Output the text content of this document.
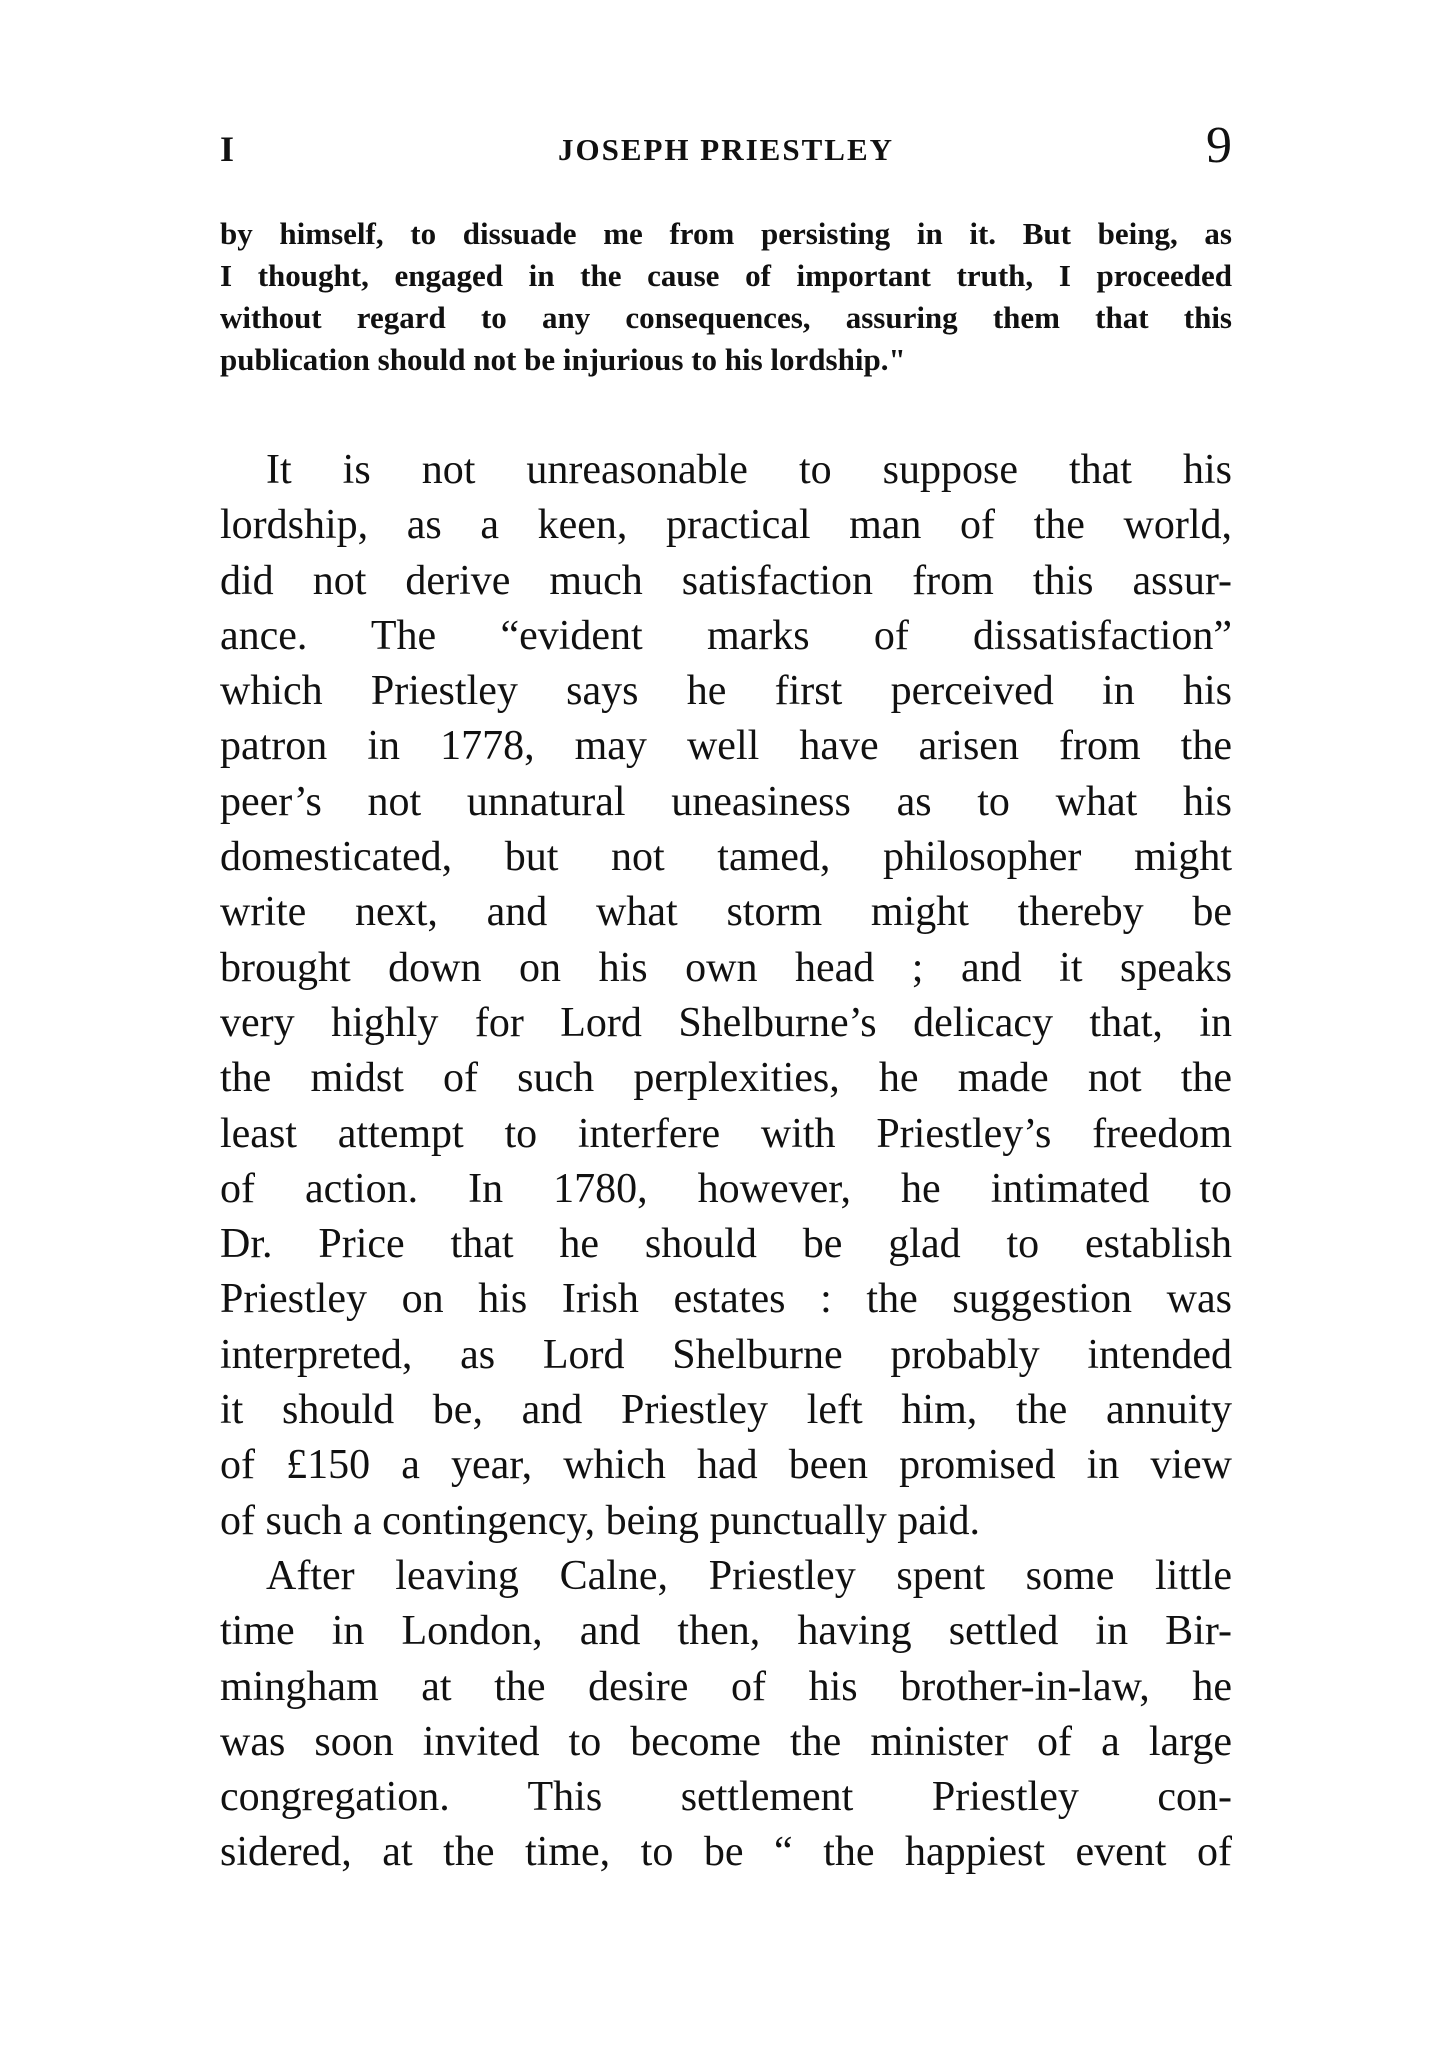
I	JOSEPH PRIESTLEY	9
by himself, to dissuade me from persisting in it. But being, as
I thought, engaged in the cause of important truth, I proceeded
without regard to any consequences, assuring them that this
publication should not be injurious to his lordship."
It is not unreasonable to suppose that his
lordship, as a keen, practical man of the world,
did not derive much satisfaction from this assur-
ance. The “evident marks of dissatisfaction”
which Priestley says he first perceived in his
patron in 1778, may well have arisen from the
peer’s not unnatural uneasiness as to what his
domesticated, but not tamed, philosopher might
write next, and what storm might thereby be
brought down on his own head ; and it speaks
very highly for Lord Shelburne’s delicacy that, in
the midst of such perplexities, he made not the
least attempt to interfere with Priestley’s freedom
of action. In 1780, however, he intimated to
Dr. Price that he should be glad to establish
Priestley on his Irish estates : the suggestion was
interpreted, as Lord Shelburne probably intended
it should be, and Priestley left him, the annuity
of £150 a year, which had been promised in view
of such a contingency, being punctually paid.
After leaving Calne, Priestley spent some little
time in London, and then, having settled in Bir-
mingham at the desire of his brother-in-law, he
was soon invited to become the minister of a large
congregation. This settlement Priestley con-
sidered, at the time, to be “ the happiest event of
